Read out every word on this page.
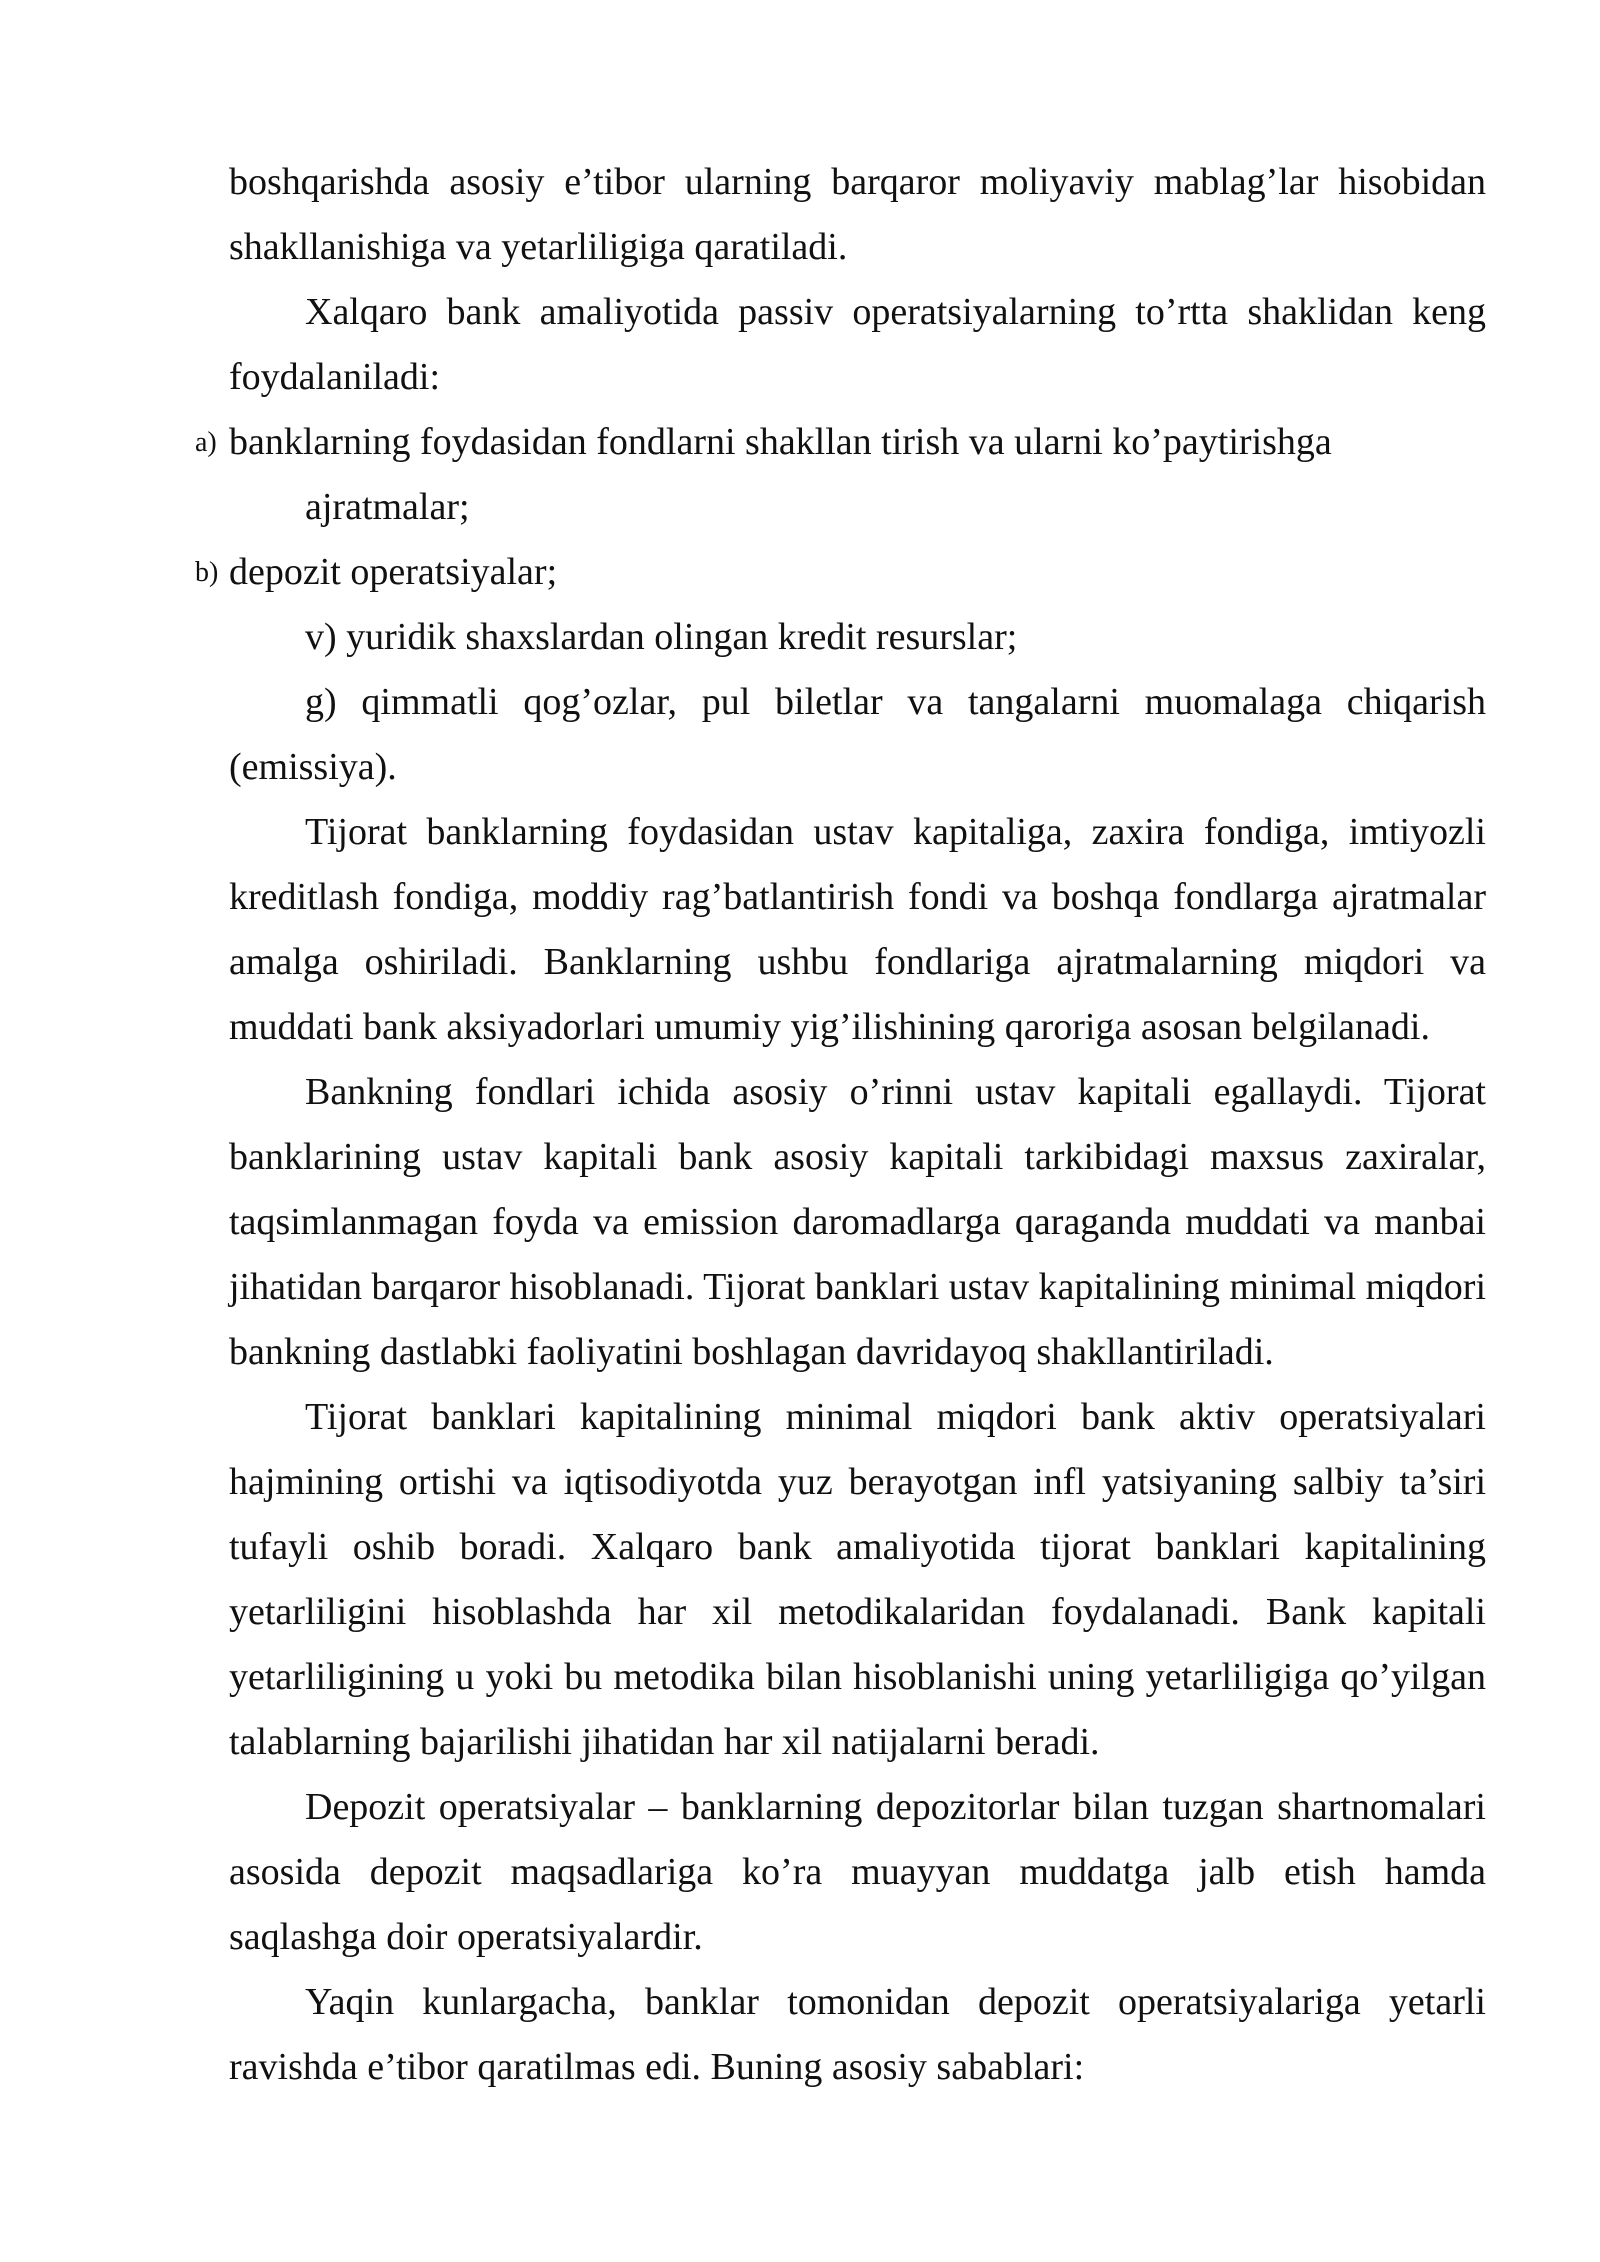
boshqarishda asosiy e’tibor ularning barqaror moliyaviy mablag’lar hisobidan shakllanishiga va yetarliligiga qaratiladi.

Xalqaro bank amaliyotida passiv operatsiyalarning to’rtta shaklidan keng foydalaniladi:

a) banklarning foydasidan fondlarni shakllan tirish va ularni ko’paytirishga
ajratmalar;
b) depozit operatsiyalar;

v) yuridik shaxslardan olingan kredit resurslar;

g) qimmatli qog’ozlar, pul biletlar va tangalarni muomalaga chiqarish (emissiya).

Tijorat banklarning foydasidan ustav kapitaliga, zaxira fondiga, imtiyozli kreditlash fondiga, moddiy rag’batlantirish fondi va boshqa fondlarga ajratmalar amalga oshiriladi. Banklarning ushbu fondlariga ajratmalarning miqdori va muddati bank aksiyadorlari umumiy yig’ilishining qaroriga asosan belgilanadi.

Bankning fondlari ichida asosiy o’rinni ustav kapitali egallaydi. Tijorat banklarining ustav kapitali bank asosiy kapitali tarkibidagi maxsus zaxiralar, taqsimlanmagan foyda va emission daromadlarga qaraganda muddati va manbai jihatidan barqaror hisoblanadi. Tijorat banklari ustav kapitalining minimal miqdori bankning dastlabki faoliyatini boshlagan davridayoq shakllantiriladi.

Tijorat banklari kapitalining minimal miqdori bank aktiv operatsiyalari hajmining ortishi va iqtisodiyotda yuz berayotgan infl yatsiyaning salbiy ta’siri tufayli oshib boradi. Xalqaro bank amaliyotida tijorat banklari kapitalining yetarliligini hisoblashda har xil metodikalaridan foydalanadi. Bank kapitali yetarliligining u yoki bu metodika bilan hisoblanishi uning yetarliligiga qo’yilgan talablarning bajarilishi jihatidan har xil natijalarni beradi.

Depozit operatsiyalar – banklarning depozitorlar bilan tuzgan shartnomalari asosida depozit maqsadlariga ko’ra muayyan muddatga jalb etish hamda saqlashga doir operatsiyalardir.

Yaqin kunlargacha, banklar tomonidan depozit operatsiyalariga yetarli ravishda e’tibor qaratilmas edi. Buning asosiy sabablari:
